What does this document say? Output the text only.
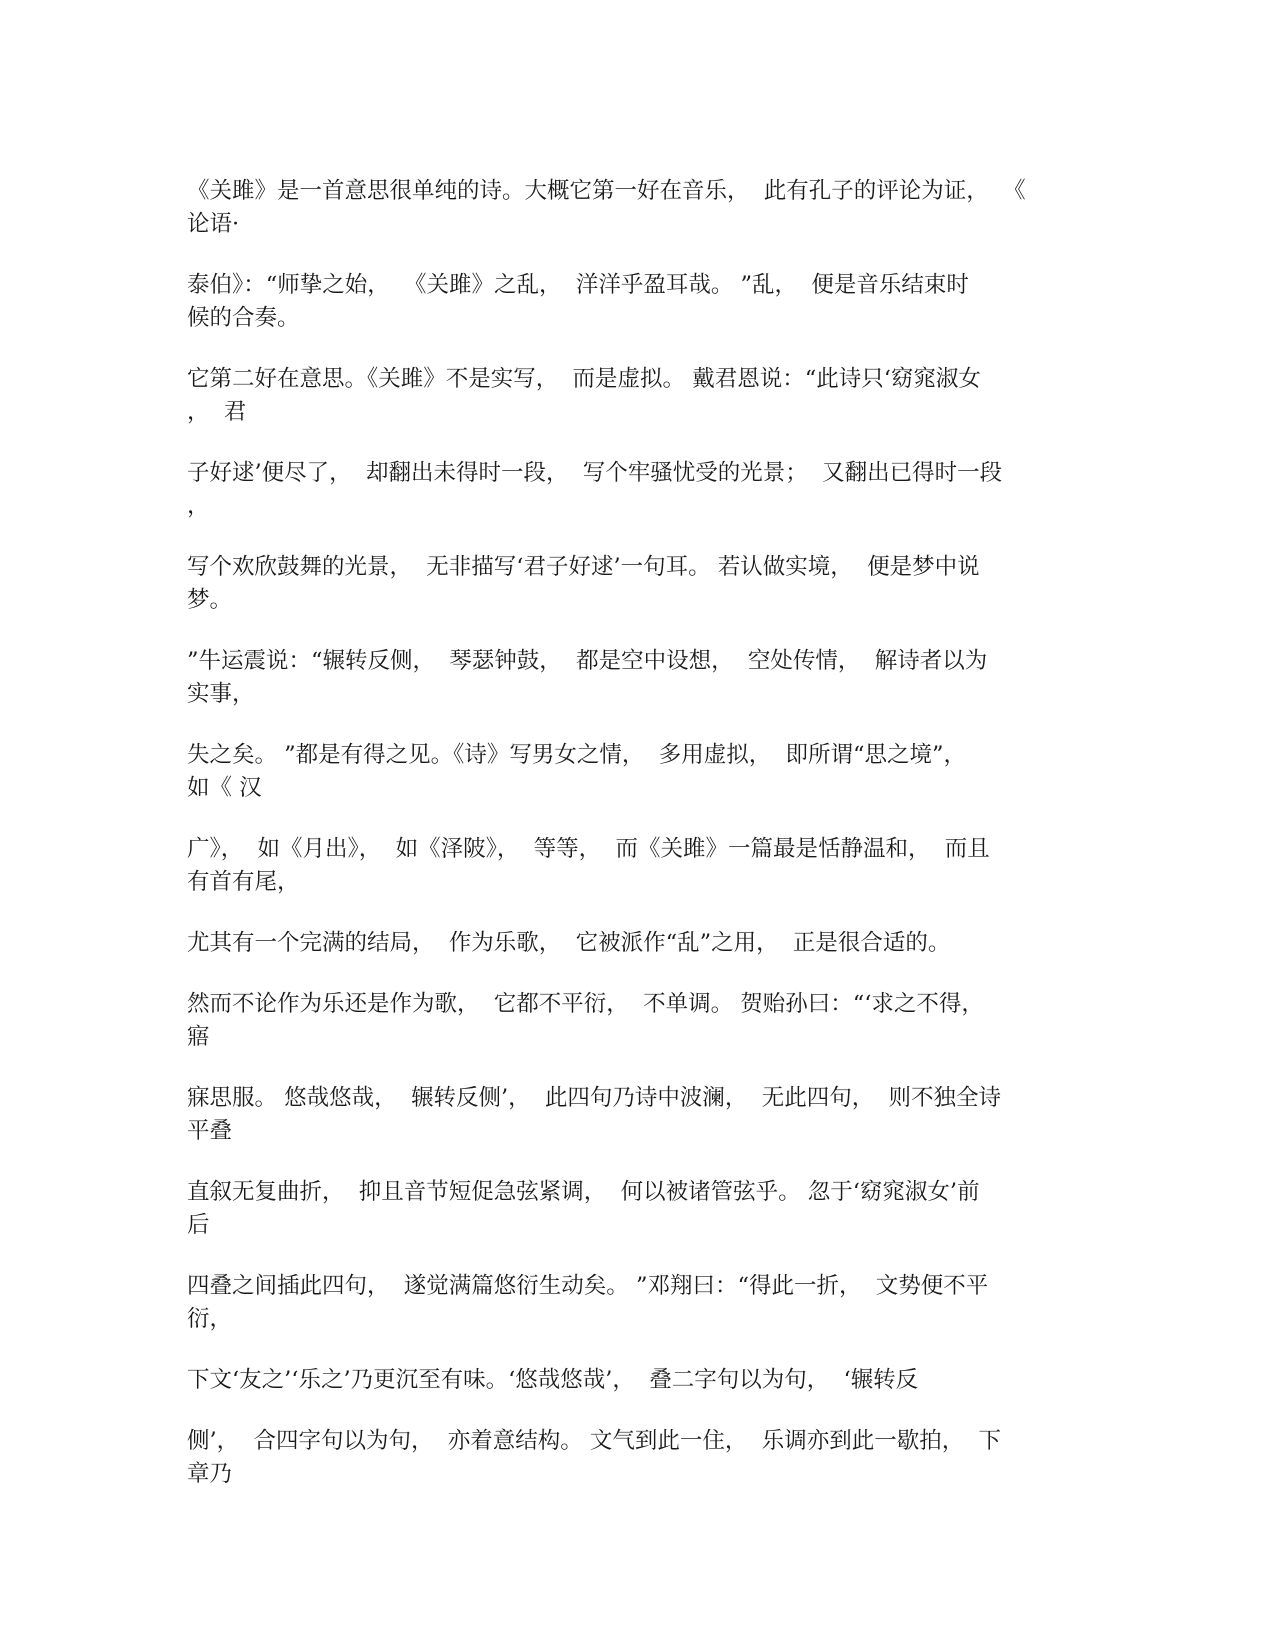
《关雎》是一首意思很单纯的诗。大概它第一好在音乐，  此有孔子的评论为证，  《
论语·

泰伯》：“师挚之始，  《关雎》之乱，  洋洋乎盈耳哉。 ”乱，  便是音乐结束时
候的合奏。

它第二好在意思。《关雎》不是实写，  而是虚拟。 戴君恩说：“此诗只‘窈窕淑女
，  君

子好逑’便尽了，  却翻出未得时一段，  写个牢骚忧受的光景；  又翻出已得时一段
，

写个欢欣鼓舞的光景，  无非描写‘君子好逑’一句耳。 若认做实境，  便是梦中说
梦。

”牛运震说：“辗转反侧，  琴瑟钟鼓，  都是空中设想，  空处传情，  解诗者以为
实事，

失之矣。 ”都是有得之见。《诗》写男女之情，  多用虚拟，  即所谓“思之境”，
如《 汉

广》，  如《月出》，  如《泽陂》，  等等，  而《关雎》一篇最是恬静温和，  而且
有首有尾，

尤其有一个完满的结局，  作为乐歌，  它被派作“乱”之用，  正是很合适的。

然而不论作为乐还是作为歌，  它都不平衍，  不单调。 贺贻孙曰：“‘求之不得，
寤

寐思服。 悠哉悠哉，  辗转反侧’，  此四句乃诗中波澜，  无此四句，  则不独全诗
平叠

直叙无复曲折，  抑且音节短促急弦紧调，  何以被诸管弦乎。 忽于‘窈窕淑女’前
后

四叠之间插此四句，  遂觉满篇悠衍生动矣。 ”邓翔曰：“得此一折，  文势便不平
衍，

下文‘友之’‘乐之’乃更沉至有味。‘悠哉悠哉’，  叠二字句以为句，  ‘辗转反

侧’，  合四字句以为句，  亦着意结构。 文气到此一住，  乐调亦到此一歇拍，  下
章乃
